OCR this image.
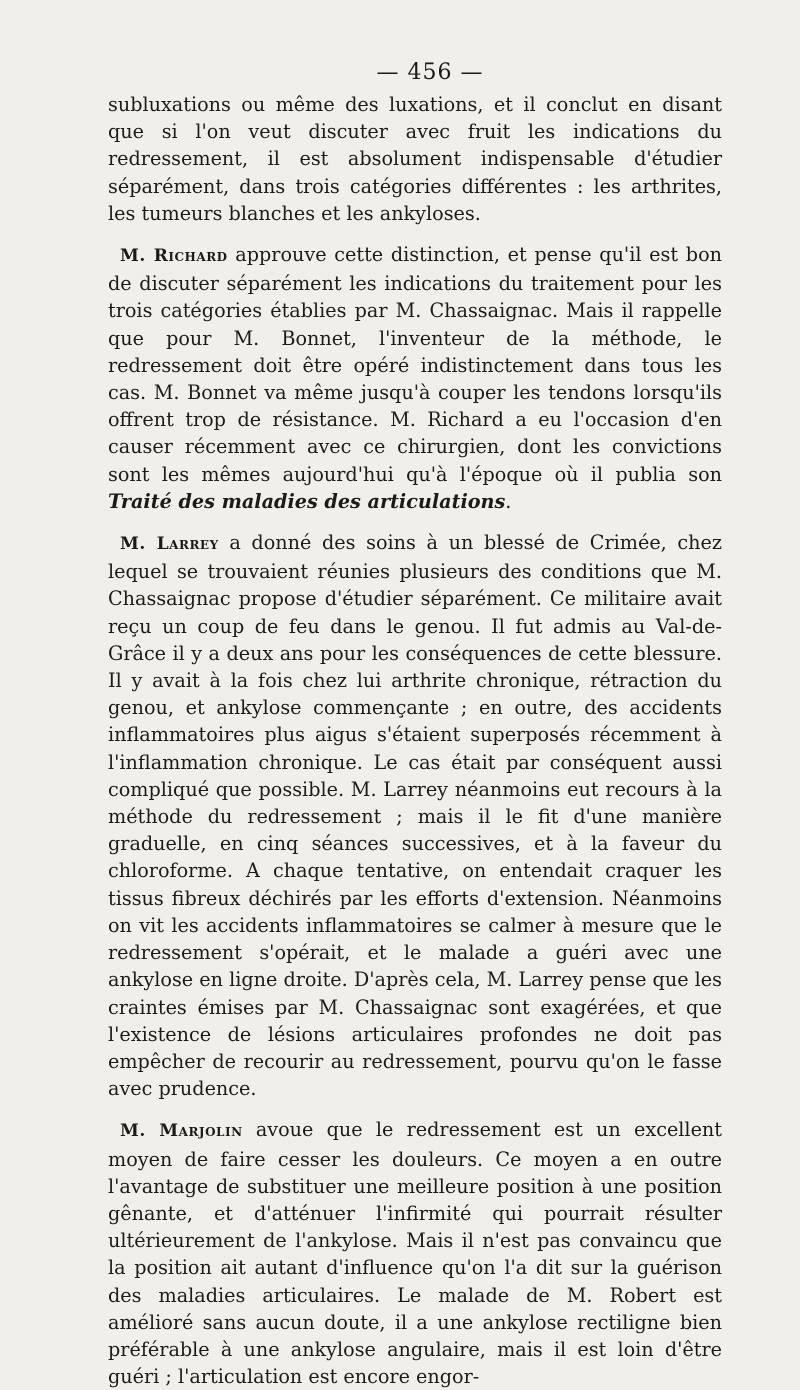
— 456 —

subluxations ou même des luxations, et il conclut en disant que si l'on veut discuter avec fruit les indications du redressement, il est absolument indispensable d'étudier séparément, dans trois catégories différentes : les arthrites, les tumeurs blanches et les ankyloses.

M. Richard approuve cette distinction, et pense qu'il est bon de discuter séparément les indications du traitement pour les trois catégories établies par M. Chassaignac. Mais il rappelle que pour M. Bonnet, l'inventeur de la méthode, le redressement doit être opéré indistinctement dans tous les cas. M. Bonnet va même jusqu'à couper les tendons lorsqu'ils offrent trop de résistance. M. Richard a eu l'occasion d'en causer récemment avec ce chirurgien, dont les convictions sont les mêmes aujourd'hui qu'à l'époque où il publia son Traité des maladies des articulations.

M. Larrey a donné des soins à un blessé de Crimée, chez lequel se trouvaient réunies plusieurs des conditions que M. Chassaignac propose d'étudier séparément. Ce militaire avait reçu un coup de feu dans le genou. Il fut admis au Val-de-Grâce il y a deux ans pour les conséquences de cette blessure. Il y avait à la fois chez lui arthrite chronique, rétraction du genou, et ankylose commençante ; en outre, des accidents inflammatoires plus aigus s'étaient superposés récemment à l'inflammation chronique. Le cas était par conséquent aussi compliqué que possible. M. Larrey néanmoins eut recours à la méthode du redressement ; mais il le fit d'une manière graduelle, en cinq séances successives, et à la faveur du chloroforme. A chaque tentative, on entendait craquer les tissus fibreux déchirés par les efforts d'extension. Néanmoins on vit les accidents inflammatoires se calmer à mesure que le redressement s'opérait, et le malade a guéri avec une ankylose en ligne droite. D'après cela, M. Larrey pense que les craintes émises par M. Chassaignac sont exagérées, et que l'existence de lésions articulaires profondes ne doit pas empêcher de recourir au redressement, pourvu qu'on le fasse avec prudence.

M. Marjolin avoue que le redressement est un excellent moyen de faire cesser les douleurs. Ce moyen a en outre l'avantage de substituer une meilleure position à une position gênante, et d'atténuer l'infirmité qui pourrait résulter ultérieurement de l'ankylose. Mais il n'est pas convaincu que la position ait autant d'influence qu'on l'a dit sur la guérison des maladies articulaires. Le malade de M. Robert est amélioré sans aucun doute, il a une ankylose rectiligne bien préférable à une ankylose angulaire, mais il est loin d'être guéri ; l'articulation est encore engor-
